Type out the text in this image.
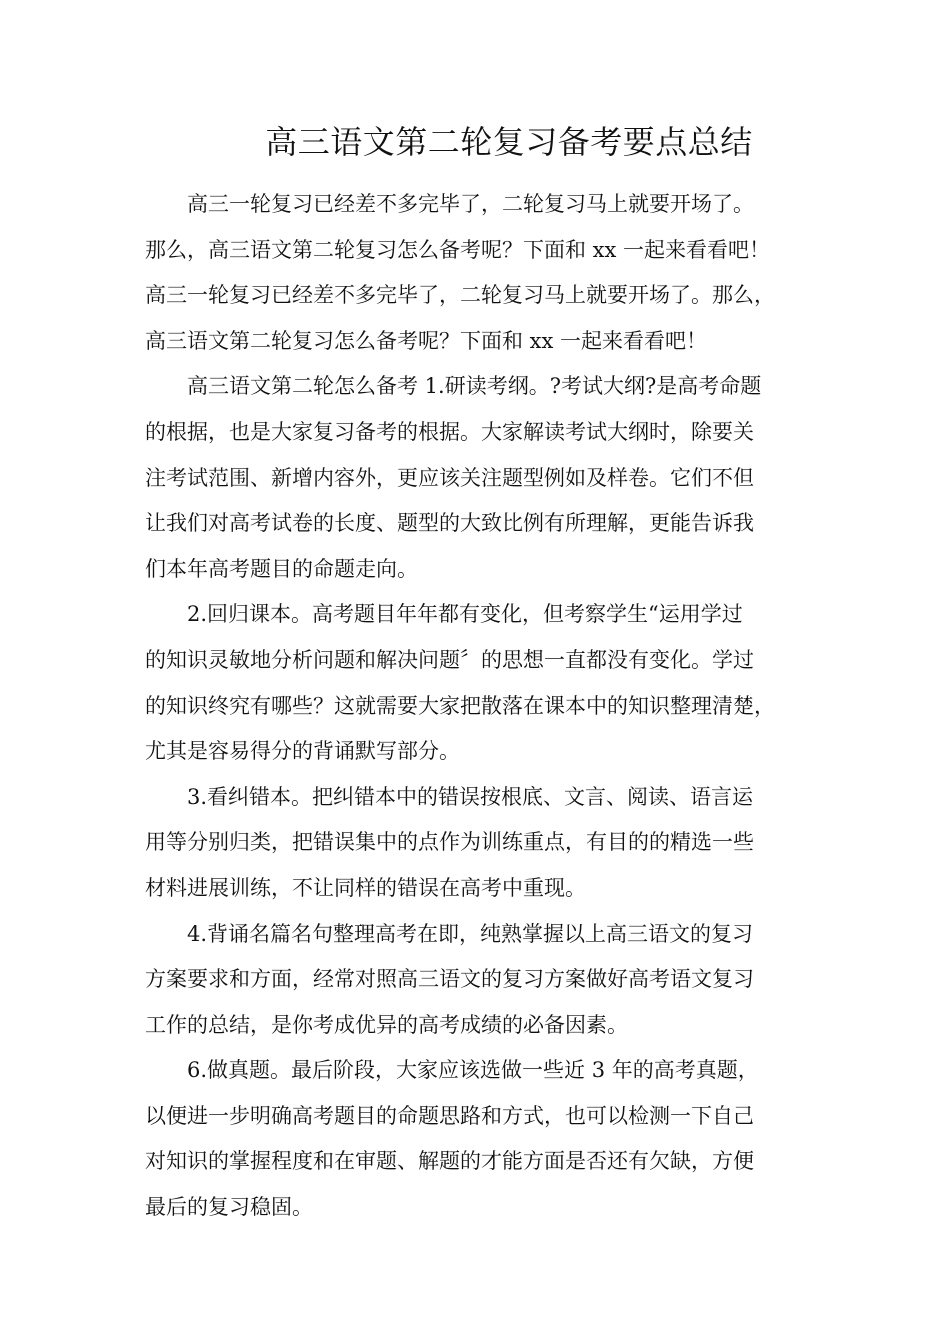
高三语文第二轮复习备考要点总结
高三一轮复习已经差不多完毕了，二轮复习马上就要开场了。
那么，高三语文第二轮复习怎么备考呢？下面和 xx 一起来看看吧！
高三一轮复习已经差不多完毕了，二轮复习马上就要开场了。那么，
高三语文第二轮复习怎么备考呢？下面和 xx 一起来看看吧！
高三语文第二轮怎么备考 1.研读考纲。?考试大纲?是高考命题
的根据，也是大家复习备考的根据。大家解读考试大纲时，除要关
注考试范围、新增内容外，更应该关注题型例如及样卷。它们不但
让我们对高考试卷的长度、题型的大致比例有所理解，更能告诉我
们本年高考题目的命题走向。
2.回归课本。高考题目年年都有变化，但考察学生“运用学过
的知识灵敏地分析问题和解决问题〞的思想一直都没有变化。学过
的知识终究有哪些？这就需要大家把散落在课本中的知识整理清楚，
尤其是容易得分的背诵默写部分。
3.看纠错本。把纠错本中的错误按根底、文言、阅读、语言运
用等分别归类，把错误集中的点作为训练重点，有目的的精选一些
材料进展训练，不让同样的错误在高考中重现。
4.背诵名篇名句整理高考在即，纯熟掌握以上高三语文的复习
方案要求和方面，经常对照高三语文的复习方案做好高考语文复习
工作的总结，是你考成优异的高考成绩的必备因素。
6.做真题。最后阶段，大家应该选做一些近 3 年的高考真题，
以便进一步明确高考题目的命题思路和方式，也可以检测一下自己
对知识的掌握程度和在审题、解题的才能方面是否还有欠缺，方便
最后的复习稳固。
